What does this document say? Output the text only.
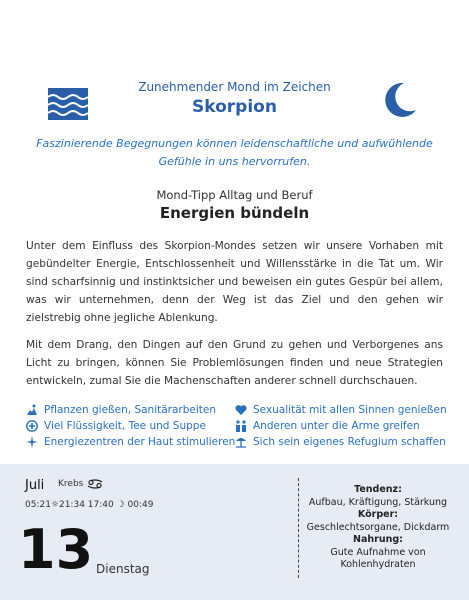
Zunehmender Mond im Zeichen
Skorpion
Faszinierende Begegnungen können leidenschaftliche und aufwühlende Gefühle in uns hervorrufen.
Mond-Tipp Alltag und Beruf
Energien bündeln

Unter dem Einfluss des Skorpion-Mondes setzen wir unsere Vorhaben mit gebündelter Energie, Entschlossenheit und Willensstärke in die Tat um. Wir sind scharfsinnig und instinktsicher und beweisen ein gutes Gespür bei allem, was wir unternehmen, denn der Weg ist das Ziel und den gehen wir zielstrebig ohne jegliche Ablenkung.

Mit dem Drang, den Dingen auf den Grund zu gehen und Verborgenes ans Licht zu bringen, können Sie Problemlösungen finden und neue Strategien entwickeln, zumal Sie die Machenschaften anderer schnell durchschauen.

Pflanzen gießen, Sanitärarbeiten
Viel Flüssigkeit, Tee und Suppe
Energiezentren der Haut stimulieren
Sexualität mit allen Sinnen genießen
Anderen unter die Arme greifen
Sich sein eigenes Refugium schaffen
Juli Krebs
05:21☼21:34 17:40 ☽ 00:49
13 Dienstag
Tendenz:
Aufbau, Kräftigung, Stärkung
Körper:
Geschlechtsorgane, Dickdarm
Nahrung:
Gute Aufnahme von Kohlenhydraten
